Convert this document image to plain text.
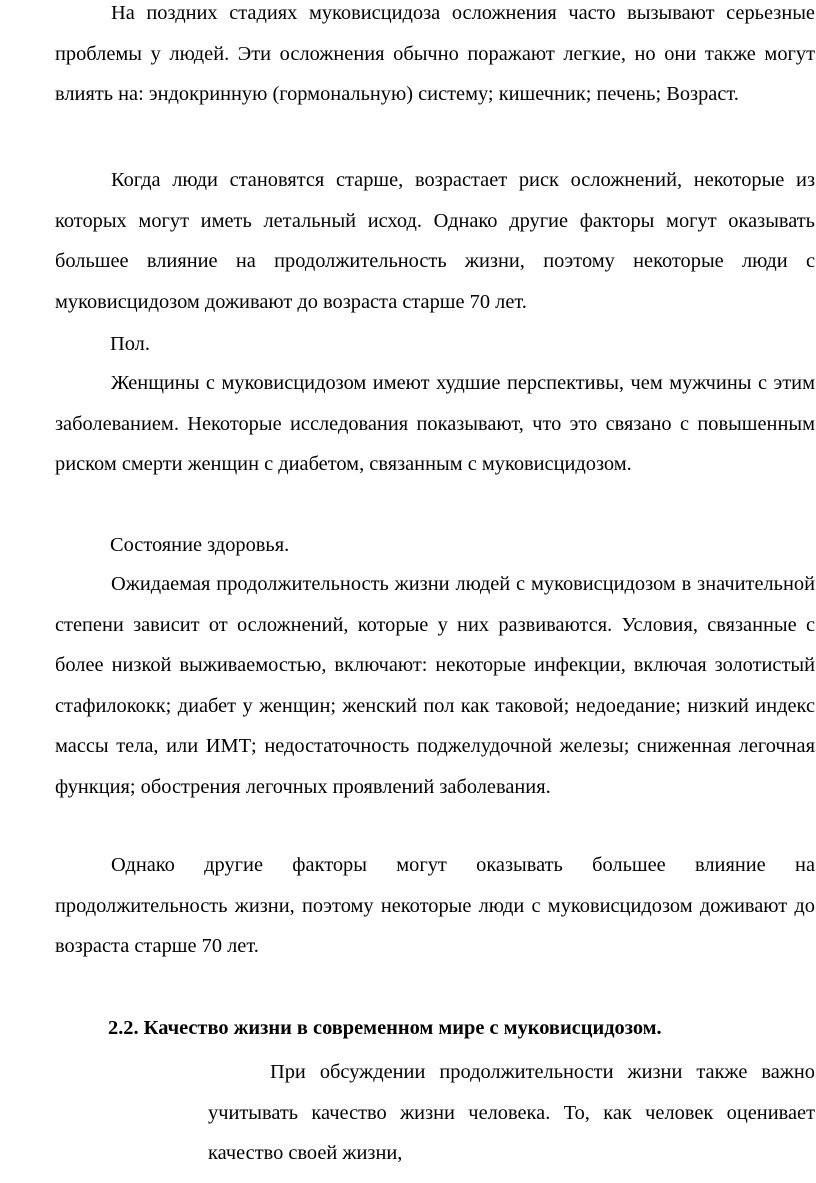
На поздних стадиях муковисцидоза осложнения часто вызывают серьезные проблемы у людей. Эти осложнения обычно поражают легкие, но они также могут влиять на: эндокринную (гормональную) систему; кишечник; печень; Возраст.

Когда люди становятся старше, возрастает риск осложнений, некоторые из которых могут иметь летальный исход. Однако другие факторы могут оказывать большее влияние на продолжительность жизни, поэтому некоторые люди с муковисцидозом доживают до возраста старше 70 лет.

Пол.

Женщины с муковисцидозом имеют худшие перспективы, чем мужчины с этим заболеванием. Некоторые исследования показывают, что это связано с повышенным риском смерти женщин с диабетом, связанным с муковисцидозом.

Состояние здоровья.

Ожидаемая продолжительность жизни людей с муковисцидозом в значительной степени зависит от осложнений, которые у них развиваются. Условия, связанные с более низкой выживаемостью, включают: некоторые инфекции, включая золотистый стафилококк; диабет у женщин; женский пол как таковой; недоедание; низкий индекс массы тела, или ИМТ; недостаточность поджелудочной железы; сниженная легочная функция; обострения легочных проявлений заболевания.

Однако другие факторы могут оказывать большее влияние на продолжительность жизни, поэтому некоторые люди с муковисцидозом доживают до возраста старше 70 лет.

2.2. Качество жизни в современном мире с муковисцидозом.

При обсуждении продолжительности жизни также важно учитывать качество жизни человека. То, как человек оценивает качество своей жизни,
